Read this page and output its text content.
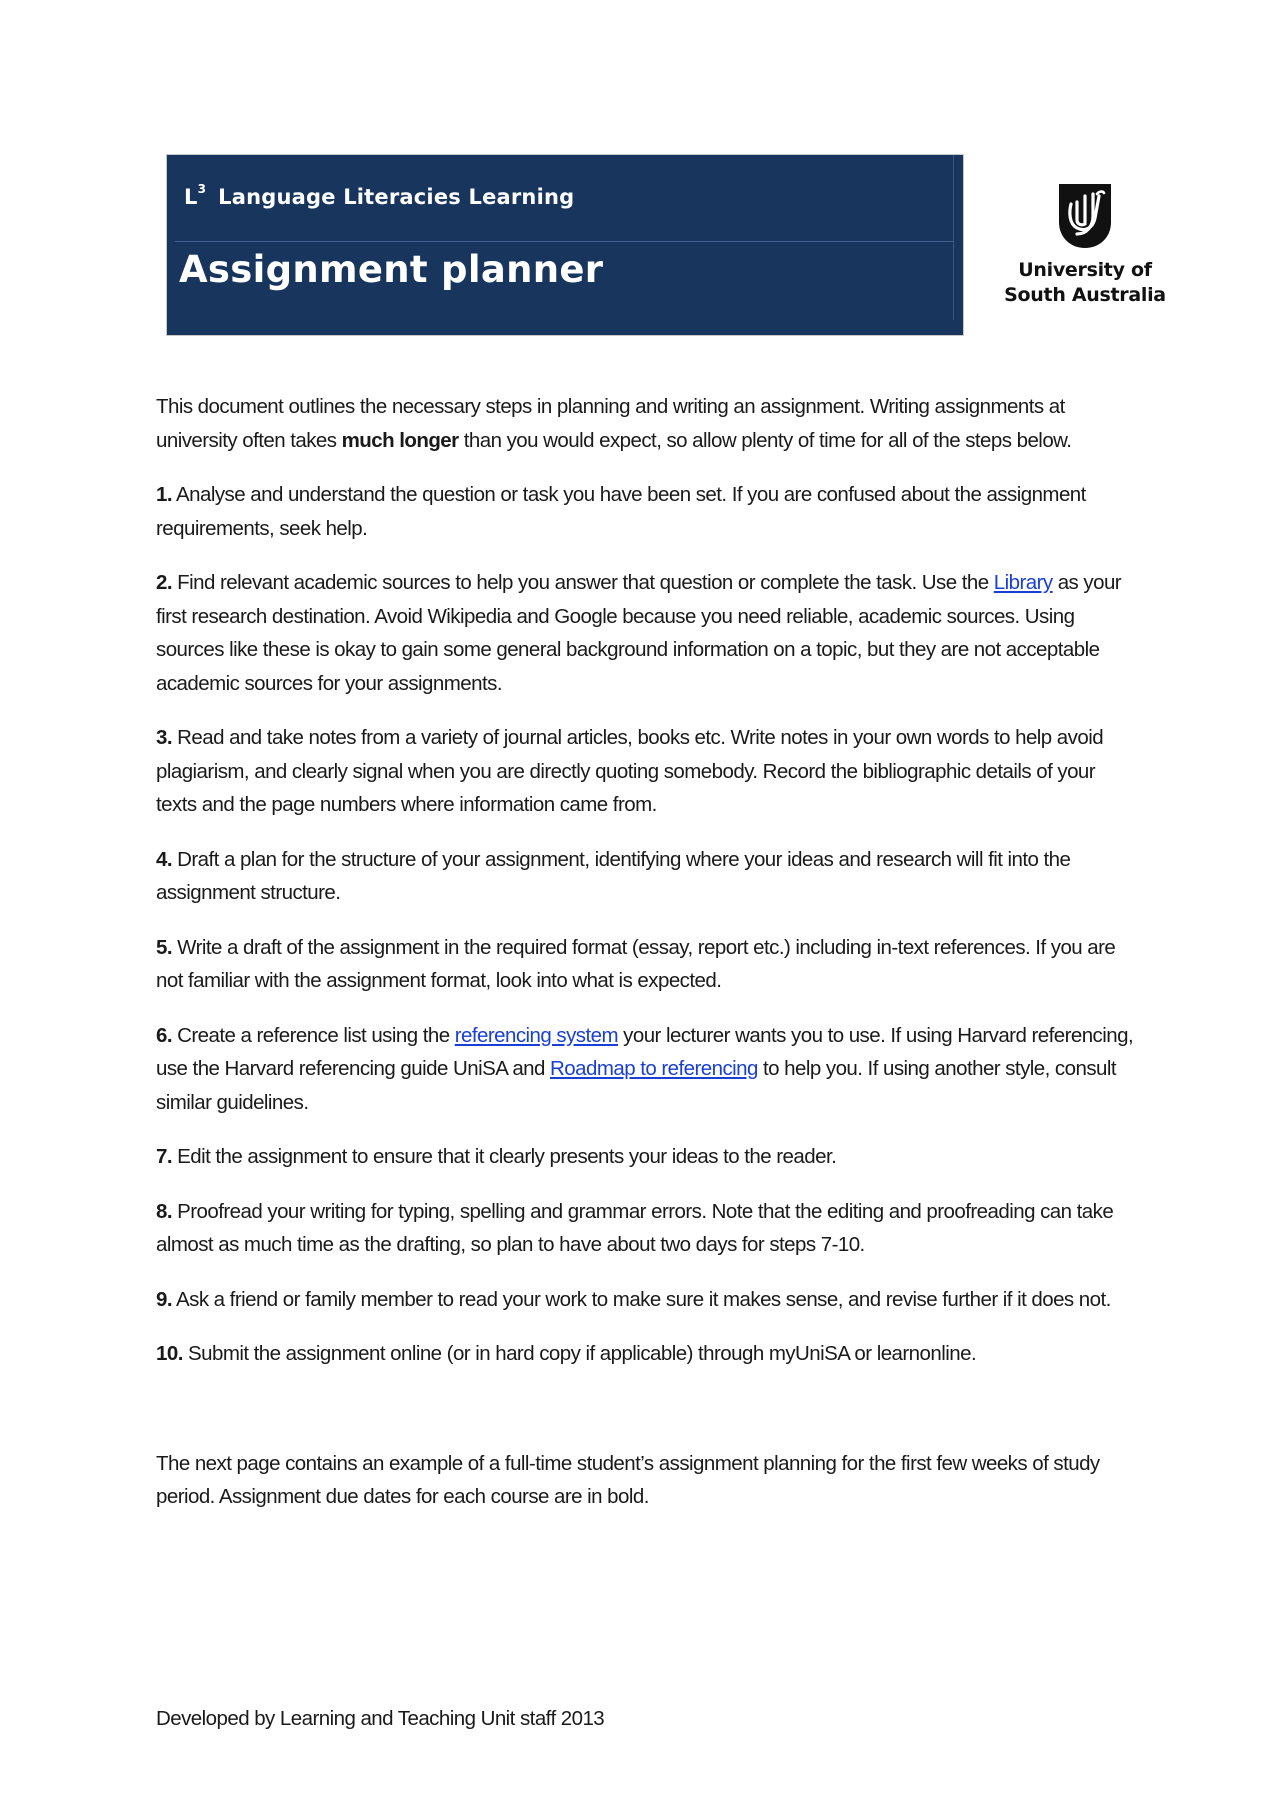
$L^3$ Language Literacies Learning
Assignment planner	University of
South Australia

This document outlines the necessary steps in planning and writing an assignment. Writing assignments at university often takes much longer than you would expect, so allow plenty of time for all of the steps below.

1. Analyse and understand the question or task you have been set. If you are confused about the assignment requirements, seek help.

2. Find relevant academic sources to help you answer that question or complete the task. Use the Library as your first research destination. Avoid Wikipedia and Google because you need reliable, academic sources. Using sources like these is okay to gain some general background information on a topic, but they are not acceptable academic sources for your assignments.

3. Read and take notes from a variety of journal articles, books etc. Write notes in your own words to help avoid plagiarism, and clearly signal when you are directly quoting somebody. Record the bibliographic details of your texts and the page numbers where information came from.

4. Draft a plan for the structure of your assignment, identifying where your ideas and research will fit into the assignment structure.

5. Write a draft of the assignment in the required format (essay, report etc.) including in-text references. If you are not familiar with the assignment format, look into what is expected.

6. Create a reference list using the referencing system your lecturer wants you to use. If using Harvard referencing, use the Harvard referencing guide UniSA and Roadmap to referencing to help you. If using another style, consult similar guidelines.

7. Edit the assignment to ensure that it clearly presents your ideas to the reader.

8. Proofread your writing for typing, spelling and grammar errors. Note that the editing and proofreading can take almost as much time as the drafting, so plan to have about two days for steps 7-10.

9. Ask a friend or family member to read your work to make sure it makes sense, and revise further if it does not.

10. Submit the assignment online (or in hard copy if applicable) through myUniSA or learnonline.

The next page contains an example of a full-time student’s assignment planning for the first few weeks of study period. Assignment due dates for each course are in bold.

Developed by Learning and Teaching Unit staff 2013
